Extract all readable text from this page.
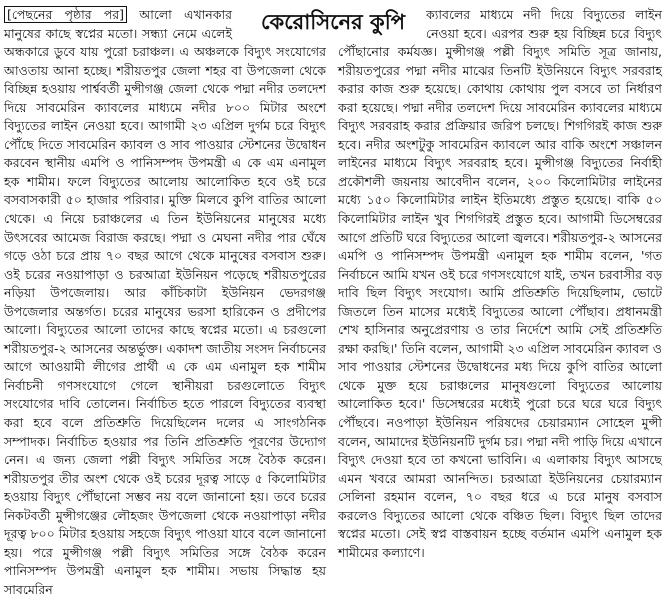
[পেছনের পৃষ্ঠার পর] আলো এখানকার মানুষের কাছে স্বপ্নের মতো। সন্ধ্যা নেমে এলেই অন্ধকারে ডুবে যায় পুরো চরাঞ্চল। এ অঞ্চলকে বিদ্যুৎ সংযোগের আওতায় আনা হচ্ছে। শরীয়তপুর জেলা শহর বা উপজেলা থেকে বিচ্ছিন্ন হওয়ায় পার্শ্ববর্তী মুন্সীগঞ্জ জেলা থেকে পদ্মা নদীর তলদেশ দিয়ে সাবমেরিন ক্যাবলের মাধ্যমে নদীর ৮০০ মিটার অংশে বিদ্যুতের লাইন নেওয়া হবে। আগামী ২৩ এপ্রিল দুর্গম চরে বিদ্যুৎ পৌঁছে দিতে সাবমেরিন ক্যাবল ও সাব পাওয়ার স্টেশনের উদ্বোধন করবেন স্থানীয় এমপি ও পানিসম্পদ উপমন্ত্রী এ কে এম এনামুল হক শামীম। ফলে বিদ্যুতের আলোয় আলোকিত হবে ওই চরে বসবাসকারী ৫০ হাজার পরিবার। মুক্তি মিলবে কুপি বাতির আলো থেকে। এ নিয়ে চরাঞ্চলের এ তিন ইউনিয়নের মানুষের মধ্যে উৎসবের আমেজ বিরাজ করছে। পদ্মা ও মেঘনা নদীর পার ঘেঁষে গড়ে ওঠা চরে প্রায় ৭০ বছর আগে থেকে মানুষের বসবাস শুরু। ওই চরের নওয়াপাড়া ও চরআত্রা ইউনিয়ন পড়েছে শরীয়তপুরের নড়িয়া উপজেলায়। আর কাঁচিকাটা ইউনিয়ন ভেদরগঞ্জ উপজেলার অন্তর্গত। চরের মানুষের ভরসা হারিকেন ও প্রদীপের আলো। বিদ্যুতের আলো তাদের কাছে স্বপ্নের মতো। এ চরগুলো শরীয়তপুর-২ আসনের অন্তর্ভুক্ত। একাদশ জাতীয় সংসদ নির্বাচনের আগে আওয়ামী লীগের প্রার্থী এ কে এম এনামুল হক শামীম নির্বাচনী গণসংযোগে গেলে স্থানীয়রা চরগুলোতে বিদ্যুৎ সংযোগের দাবি তোলেন। নির্বাচিত হতে পারলে বিদ্যুতের ব্যবস্থা করা হবে বলে প্রতিশ্রুতি দিয়েছিলেন দলের এ সাংগঠনিক সম্পাদক। নির্বাচিত হওয়ার পর তিনি প্রতিশ্রুতি পূরণের উদ্যোগ নেন। এ জন্য জেলা পল্লী বিদ্যুৎ সমিতির সঙ্গে বৈঠক করেন। শরীয়তপুর তীর অংশ থেকে ওই চরের দূরত্ব সাড়ে ৫ কিলোমিটার হওয়ায় বিদ্যুৎ পৌঁছানো সম্ভব নয় বলে জানানো হয়। তবে চরের নিকটবর্তী মুন্সীগঞ্জের লৌহজং উপজেলা থেকে নওয়াপাড়া নদীর দূরত্ব ৮০০ মিটার হওয়ায় সহজে বিদ্যুৎ পাওয়া যাবে বলে জানানো হয়। পরে মুন্সীগঞ্জ পল্লী বিদ্যুৎ সমিতির সঙ্গে বৈঠক করেন পানিসম্পদ উপমন্ত্রী এনামুল হক শামীম। সভায় সিদ্ধান্ত হয় সাবমেরিন

ক্যাবলের মাধ্যমে নদী দিয়ে বিদ্যুতের লাইন নেওয়া হবে। এরপর শুরু হয় বিচ্ছিন্ন চরে বিদ্যুৎ পৌঁছানোর কর্মযজ্ঞ। মুন্সীগঞ্জ পল্লী বিদ্যুৎ সমিতি সূত্র জানায়, শরীয়তপুরের পদ্মা নদীর মাঝের তিনটি ইউনিয়নে বিদ্যুৎ সরবরাহ করার কাজ শুরু হয়েছে। কোথায় কোথায় পুল বসবে তা নির্ধারণ করা হয়েছে। পদ্মা নদীর তলদেশ দিয়ে সাবমেরিন ক্যাবলের মাধ্যমে বিদ্যুৎ সরবরাহ করার প্রক্রিয়ার জরিপ চলছে। শিগগিরই কাজ শুরু হবে। নদীর অংশটুকু সাবমেরিন ক্যাবলে আর বাকি অংশে সঞ্চালন লাইনের মাধ্যমে বিদ্যুৎ সরবরাহ হবে। মুন্সীগঞ্জ বিদ্যুতের নির্বাহী প্রকৌশলী জয়নায় আবেদীন বলেন, ২০০ কিলোমিটার লাইনের মধ্যে ১৫০ কিলোমিটার লাইন ইতিমধ্যে প্রস্তুত হয়েছে। বাকি ৫০ কিলোমিটার লাইন খুব শিগগিরই প্রস্তুত হবে। আগামী ডিসেম্বরের আগে প্রতিটি ঘরে বিদ্যুতের আলো জ্বলবে। শরীয়তপুর-২ আসনের এমপি ও পানিসম্পদ উপমন্ত্রী এনামুল হক শামীম বলেন, 'গত নির্বাচনে আমি যখন ওই চরে গণসংযোগে যাই, তখন চরবাসীর বড় দাবি ছিল বিদ্যুৎ সংযোগ। আমি প্রতিশ্রুতি দিয়েছিলাম, ভোটে জিতলে তিন মাসের মধ্যেই বিদ্যুতের আলো পৌঁছাব। প্রধানমন্ত্রী শেখ হাসিনার অনুপ্রেরণায় ও তার নির্দেশে আমি সেই প্রতিশ্রুতি রক্ষা করছি।' তিনি বলেন, আগামী ২৩ এপ্রিল সাবমেরিন ক্যাবল ও সাব পাওয়ার স্টেশনের উদ্বোধনের মধ্য দিয়ে কুপি বাতির আলো থেকে মুক্ত হয়ে চরাঞ্চলের মানুষগুলো বিদ্যুতের আলোয় আলোকিত হবে।' ডিসেম্বরের মধ্যেই পুরো চরে ঘরে ঘরে বিদ্যুৎ পৌঁছবে। নওপাড়া ইউনিয়ন পরিষদের চেয়ারম্যান সোহেল মুন্সী বলেন, আমাদের ইউনিয়নটি দুর্গম চর। পদ্মা নদী পাড়ি দিয়ে এখানে বিদ্যুৎ দেওয়া হবে তা কখনো ভাবিনি। এ এলাকায় বিদ্যুৎ আসছে এমন খবরে আমরা আনন্দিত। চরআত্রা ইউনিয়নের চেয়ারম্যান সেলিনা রহমান বলেন, ৭০ বছর ধরে এ চরে মানুষ বসবাস করলেও বিদ্যুতের আলো থেকে বঞ্চিত ছিল। বিদ্যুৎ ছিল তাদের স্বপ্নের মতো। সেই স্বপ্ন বাস্তবায়ন হচ্ছে বর্তমান এমপি এনামুল হক শামীমের কল্যাণে।

কেরোসিনের কুপি
